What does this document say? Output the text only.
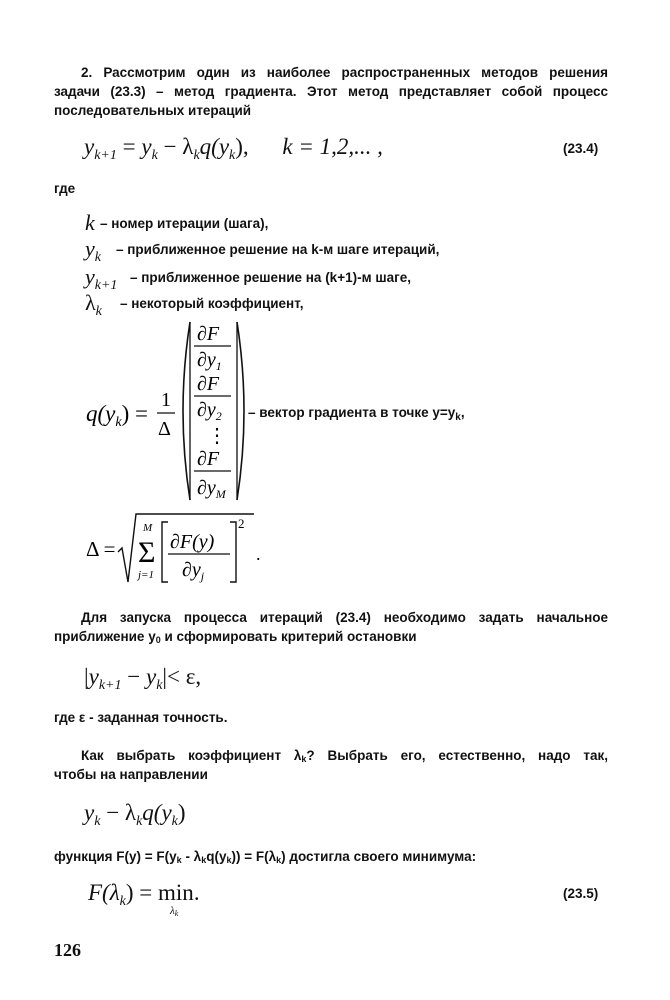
2. Рассмотрим один из наиболее распространенных методов решения

задачи (23.3) – метод градиента. Этот метод представляет собой процесс

последовательных итераций

$y_{k+1} = y_k - \lambda_kq(y_k)$, k = 1,2,... ,	(23.4)
где
k – номер итерации (шага),
$y_k$
– приближенное решение на k-м шаге итераций,
$y_{k+1}$
– приближенное решение на (k+1)-м шаге,
$\lambda_k$
– некоторый коэффициент,
$q(y_k)$ =
1
Δ
∂F
$\partial y_1$
∂F
$\partial y_2$
⋮
∂F
$\partial y_M$
– вектор градиента в точке $y=y_k$,
Δ =
M
Σ
j=1
∂F(y)
$\partial y_j$
2
.

Для запуска процесса итераций (23.4) необходимо задать начальное

приближение y0 и сформировать критерий остановки

$|y_{k+1} - y_k|< \varepsilon$,
где ε - заданная точность.

Как выбрать коэффициент λk? Выбрать его, естественно, надо так,

чтобы на направлении

$y_k - \lambda_kq(y_k)$
функция F(y) = F(yk - λkq(yk)) = F(λk) достигла своего минимума:
$F(\lambda_k) = \min$
λk
.	(23.5)
126
